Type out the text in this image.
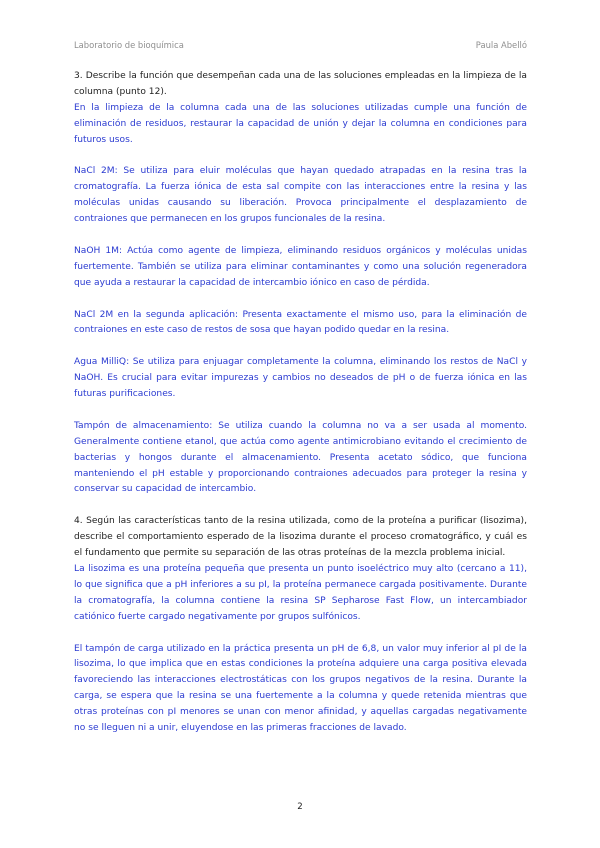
Laboratorio de bioquímica	Paula Abelló

3. Describe la función que desempeñan cada una de las soluciones empleadas en la limpieza de la columna (punto 12).

En la limpieza de la columna cada una de las soluciones utilizadas cumple una función de eliminación de residuos, restaurar la capacidad de unión y dejar la columna en condiciones para futuros usos.

NaCl 2M: Se utiliza para eluir moléculas que hayan quedado atrapadas en la resina tras la cromatografía. La fuerza iónica de esta sal compite con las interacciones entre la resina y las moléculas unidas causando su liberación. Provoca principalmente el desplazamiento de contraiones que permanecen en los grupos funcionales de la resina.

NaOH 1M: Actúa como agente de limpieza, eliminando residuos orgánicos y moléculas unidas fuertemente. También se utiliza para eliminar contaminantes y como una solución regeneradora que ayuda a restaurar la capacidad de intercambio iónico en caso de pérdida.

NaCl 2M en la segunda aplicación: Presenta exactamente el mismo uso, para la eliminación de contraiones en este caso de restos de sosa que hayan podido quedar en la resina.

Agua MilliQ: Se utiliza para enjuagar completamente la columna, eliminando los restos de NaCl y NaOH. Es crucial para evitar impurezas y cambios no deseados de pH o de fuerza iónica en las futuras purificaciones.

Tampón de almacenamiento: Se utiliza cuando la columna no va a ser usada al momento. Generalmente contiene etanol, que actúa como agente antimicrobiano evitando el crecimiento de bacterias y hongos durante el almacenamiento. Presenta acetato sódico, que funciona manteniendo el pH estable y proporcionando contraiones adecuados para proteger la resina y conservar su capacidad de intercambio.

4. Según las características tanto de la resina utilizada, como de la proteína a purificar (lisozima), describe el comportamiento esperado de la lisozima durante el proceso cromatográfico, y cuál es el fundamento que permite su separación de las otras proteínas de la mezcla problema inicial.

La lisozima es una proteína pequeña que presenta un punto isoeléctrico muy alto (cercano a 11), lo que significa que a pH inferiores a su pI, la proteína permanece cargada positivamente. Durante la cromatografía, la columna contiene la resina SP Sepharose Fast Flow, un intercambiador catiónico fuerte cargado negativamente por grupos sulfónicos.

El tampón de carga utilizado en la práctica presenta un pH de 6,8, un valor muy inferior al pI de la lisozima, lo que implica que en estas condiciones la proteína adquiere una carga positiva elevada favoreciendo las interacciones electrostáticas con los grupos negativos de la resina. Durante la carga, se espera que la resina se una fuertemente a la columna y quede retenida mientras que otras proteínas con pI menores se unan con menor afinidad, y aquellas cargadas negativamente no se lleguen ni a unir, eluyendose en las primeras fracciones de lavado.

2
